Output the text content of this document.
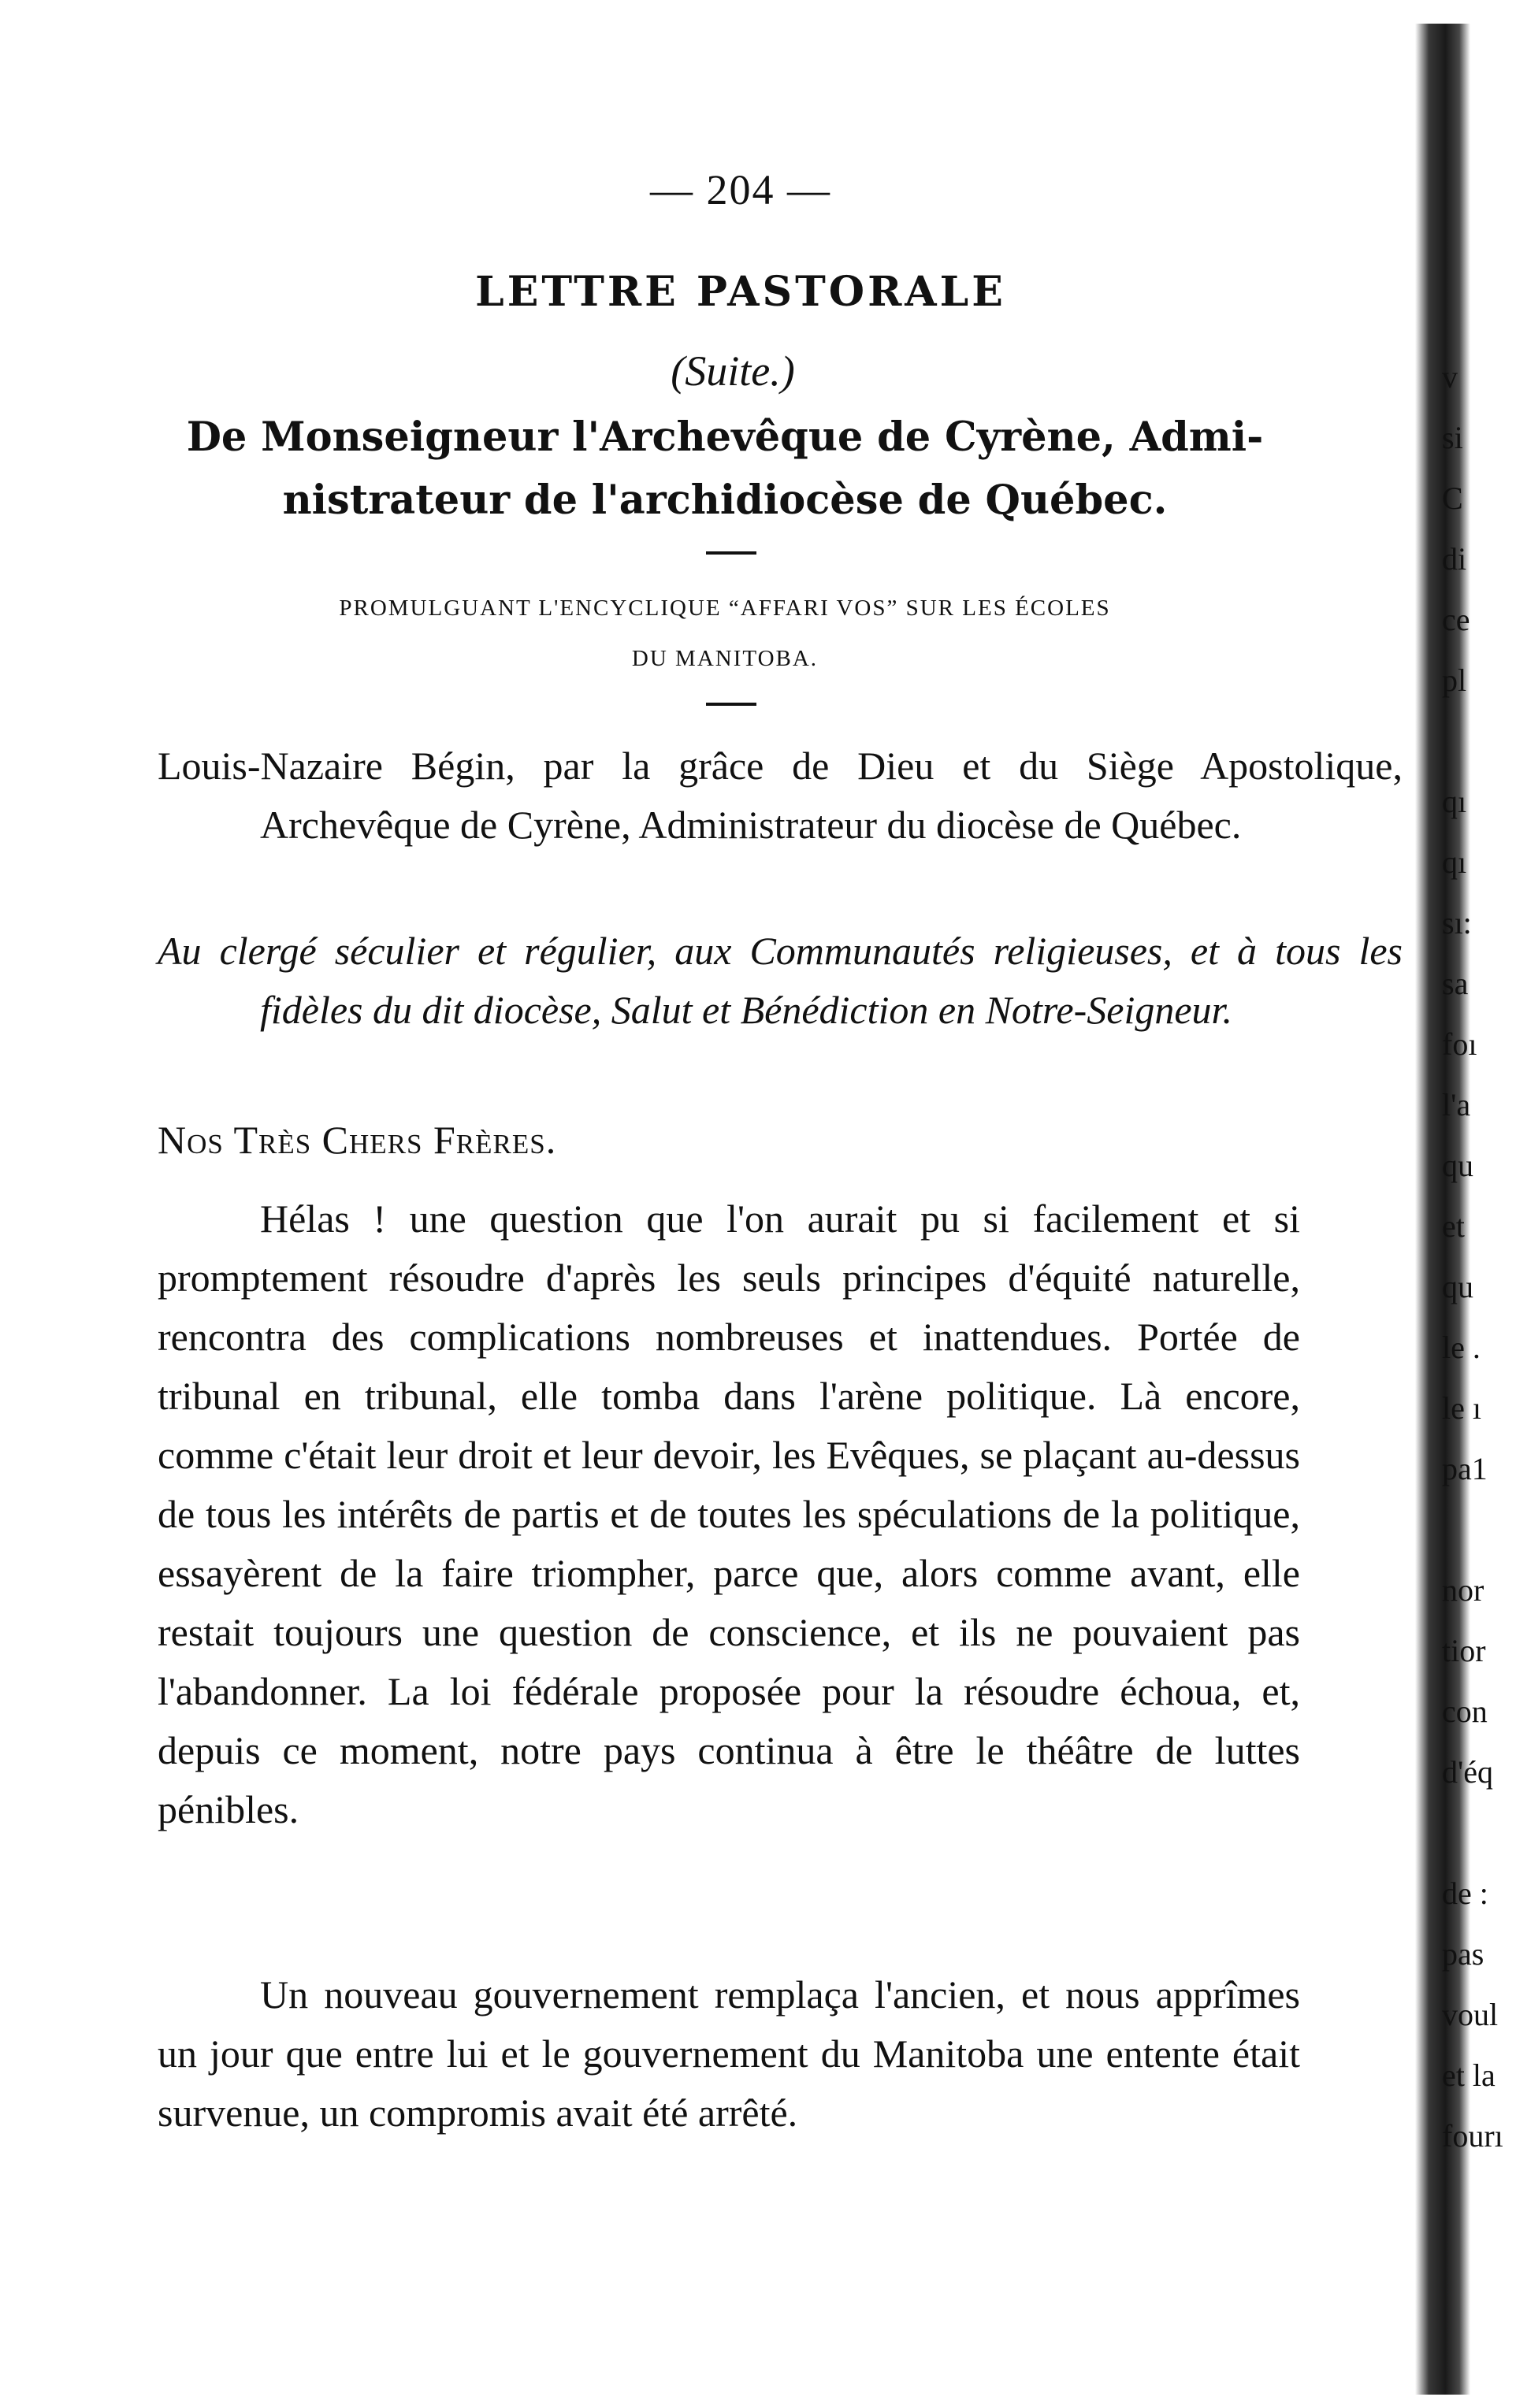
— 204 —
LETTRE PASTORALE
(Suite.)
De Monseigneur l'Archevêque de Cyrène, Admi-
nistrateur de l'archidiocèse de Québec.
PROMULGUANT L'ENCYCLIQUE “AFFARI VOS” SUR LES ÉCOLES
DU MANITOBA.
Louis-Nazaire Bégin, par la grâce de Dieu et du Siège Apostolique, Archevêque de Cyrène, Administrateur du diocèse de Québec.
Au clergé séculier et régulier, aux Communautés religieuses, et à tous les fidèles du dit diocèse, Salut et Bénédiction en Notre-Seigneur.
Nos Très Chers Frères.
Hélas ! une question que l'on aurait pu si facilement et si promptement résoudre d'après les seuls principes d'équité naturelle, rencontra des complications nombreuses et inattendues. Portée de tribunal en tribunal, elle tomba dans l'arène politique. Là encore, comme c'était leur droit et leur devoir, les Evêques, se plaçant au-dessus de tous les intérêts de partis et de toutes les spéculations de la politique, essayèrent de la faire triompher, parce que, alors comme avant, elle restait toujours une question de conscience, et ils ne pouvaient pas l'abandonner. La loi fédérale proposée pour la résoudre échoua, et, depuis ce moment, notre pays continua à être le théâtre de luttes pénibles.
Un nouveau gouvernement remplaça l'ancien, et nous apprîmes un jour que entre lui et le gouvernement du Manitoba une entente était survenue, un compromis avait été arrêté.
v
si
C
di
ce
pl

qı
qı
sı:
sa
foı
l'a
qu
et
qu
le .
le ı
pa1

nor
tior
con
d'éq

de :
pas
voul
et la
fourı
